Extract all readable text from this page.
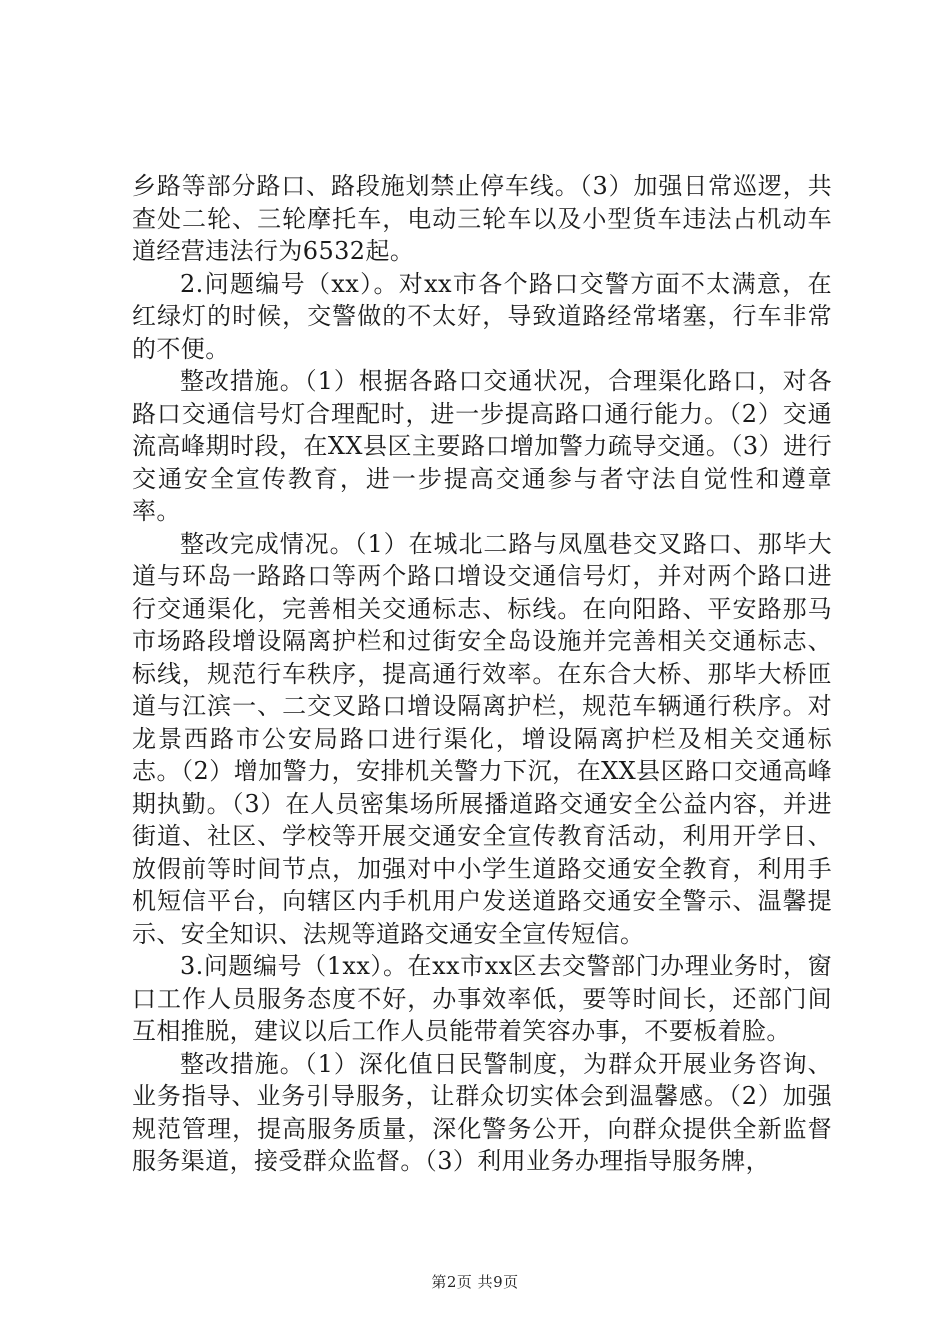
乡路等部分路口、路段施划禁止停车线。（3）加强日常巡逻，共查处二轮、三轮摩托车，电动三轮车以及小型货车违法占机动车道经营违法行为6532起。

2.问题编号（xx）。对xx市各个路口交警方面不太满意，在红绿灯的时候，交警做的不太好，导致道路经常堵塞，行车非常的不便。

整改措施。（1）根据各路口交通状况，合理渠化路口，对各路口交通信号灯合理配时，进一步提高路口通行能力。（2）交通流高峰期时段，在XX县区主要路口增加警力疏导交通。（3）进行交通安全宣传教育，进一步提高交通参与者守法自觉性和遵章率。

整改完成情况。（1）在城北二路与凤凰巷交叉路口、那毕大道与环岛一路路口等两个路口增设交通信号灯，并对两个路口进行交通渠化，完善相关交通标志、标线。在向阳路、平安路那马市场路段增设隔离护栏和过街安全岛设施并完善相关交通标志、标线，规范行车秩序，提高通行效率。在东合大桥、那毕大桥匝道与江滨一、二交叉路口增设隔离护栏，规范车辆通行秩序。对龙景西路市公安局路口进行渠化，增设隔离护栏及相关交通标志。（2）增加警力，安排机关警力下沉，在XX县区路口交通高峰期执勤。（3）在人员密集场所展播道路交通安全公益内容，并进街道、社区、学校等开展交通安全宣传教育活动，利用开学日、放假前等时间节点，加强对中小学生道路交通安全教育，利用手机短信平台，向辖区内手机用户发送道路交通安全警示、温馨提示、安全知识、法规等道路交通安全宣传短信。

3.问题编号（1xx）。在xx市xx区去交警部门办理业务时，窗口工作人员服务态度不好，办事效率低，要等时间长，还部门间互相推脱，建议以后工作人员能带着笑容办事，不要板着脸。

整改措施。（1）深化值日民警制度，为群众开展业务咨询、业务指导、业务引导服务，让群众切实体会到温馨感。（2）加强规范管理，提高服务质量，深化警务公开，向群众提供全新监督服务渠道，接受群众监督。（3）利用业务办理指导服务牌，

第2页 共9页
